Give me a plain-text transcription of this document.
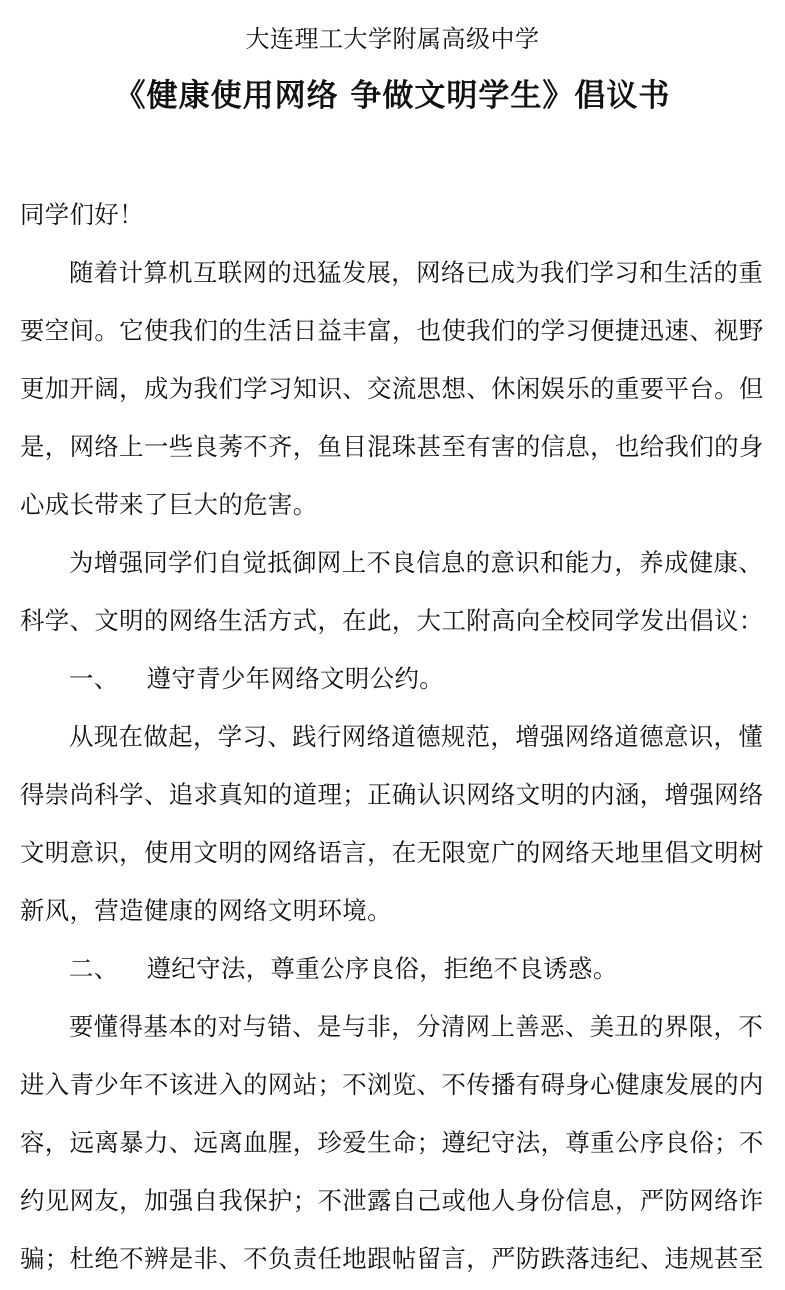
大连理工大学附属高级中学
《健康使用网络 争做文明学生》倡议书
同学们好！
随着计算机互联网的迅猛发展，网络已成为我们学习和生活的重
要空间。它使我们的生活日益丰富，也使我们的学习便捷迅速、视野
更加开阔，成为我们学习知识、交流思想、休闲娱乐的重要平台。但
是，网络上一些良莠不齐，鱼目混珠甚至有害的信息，也给我们的身
心成长带来了巨大的危害。
为增强同学们自觉抵御网上不良信息的意识和能力，养成健康、
科学、文明的网络生活方式，在此，大工附高向全校同学发出倡议：
一、 遵守青少年网络文明公约。
从现在做起，学习、践行网络道德规范，增强网络道德意识，懂
得崇尚科学、追求真知的道理；正确认识网络文明的内涵，增强网络
文明意识，使用文明的网络语言，在无限宽广的网络天地里倡文明树
新风，营造健康的网络文明环境。
二、 遵纪守法，尊重公序良俗，拒绝不良诱惑。
要懂得基本的对与错、是与非，分清网上善恶、美丑的界限，不
进入青少年不该进入的网站；不浏览、不传播有碍身心健康发展的内
容，远离暴力、远离血腥，珍爱生命；遵纪守法，尊重公序良俗；不
约见网友，加强自我保护；不泄露自己或他人身份信息，严防网络诈
骗；杜绝不辨是非、不负责任地跟帖留言，严防跌落违纪、违规甚至
